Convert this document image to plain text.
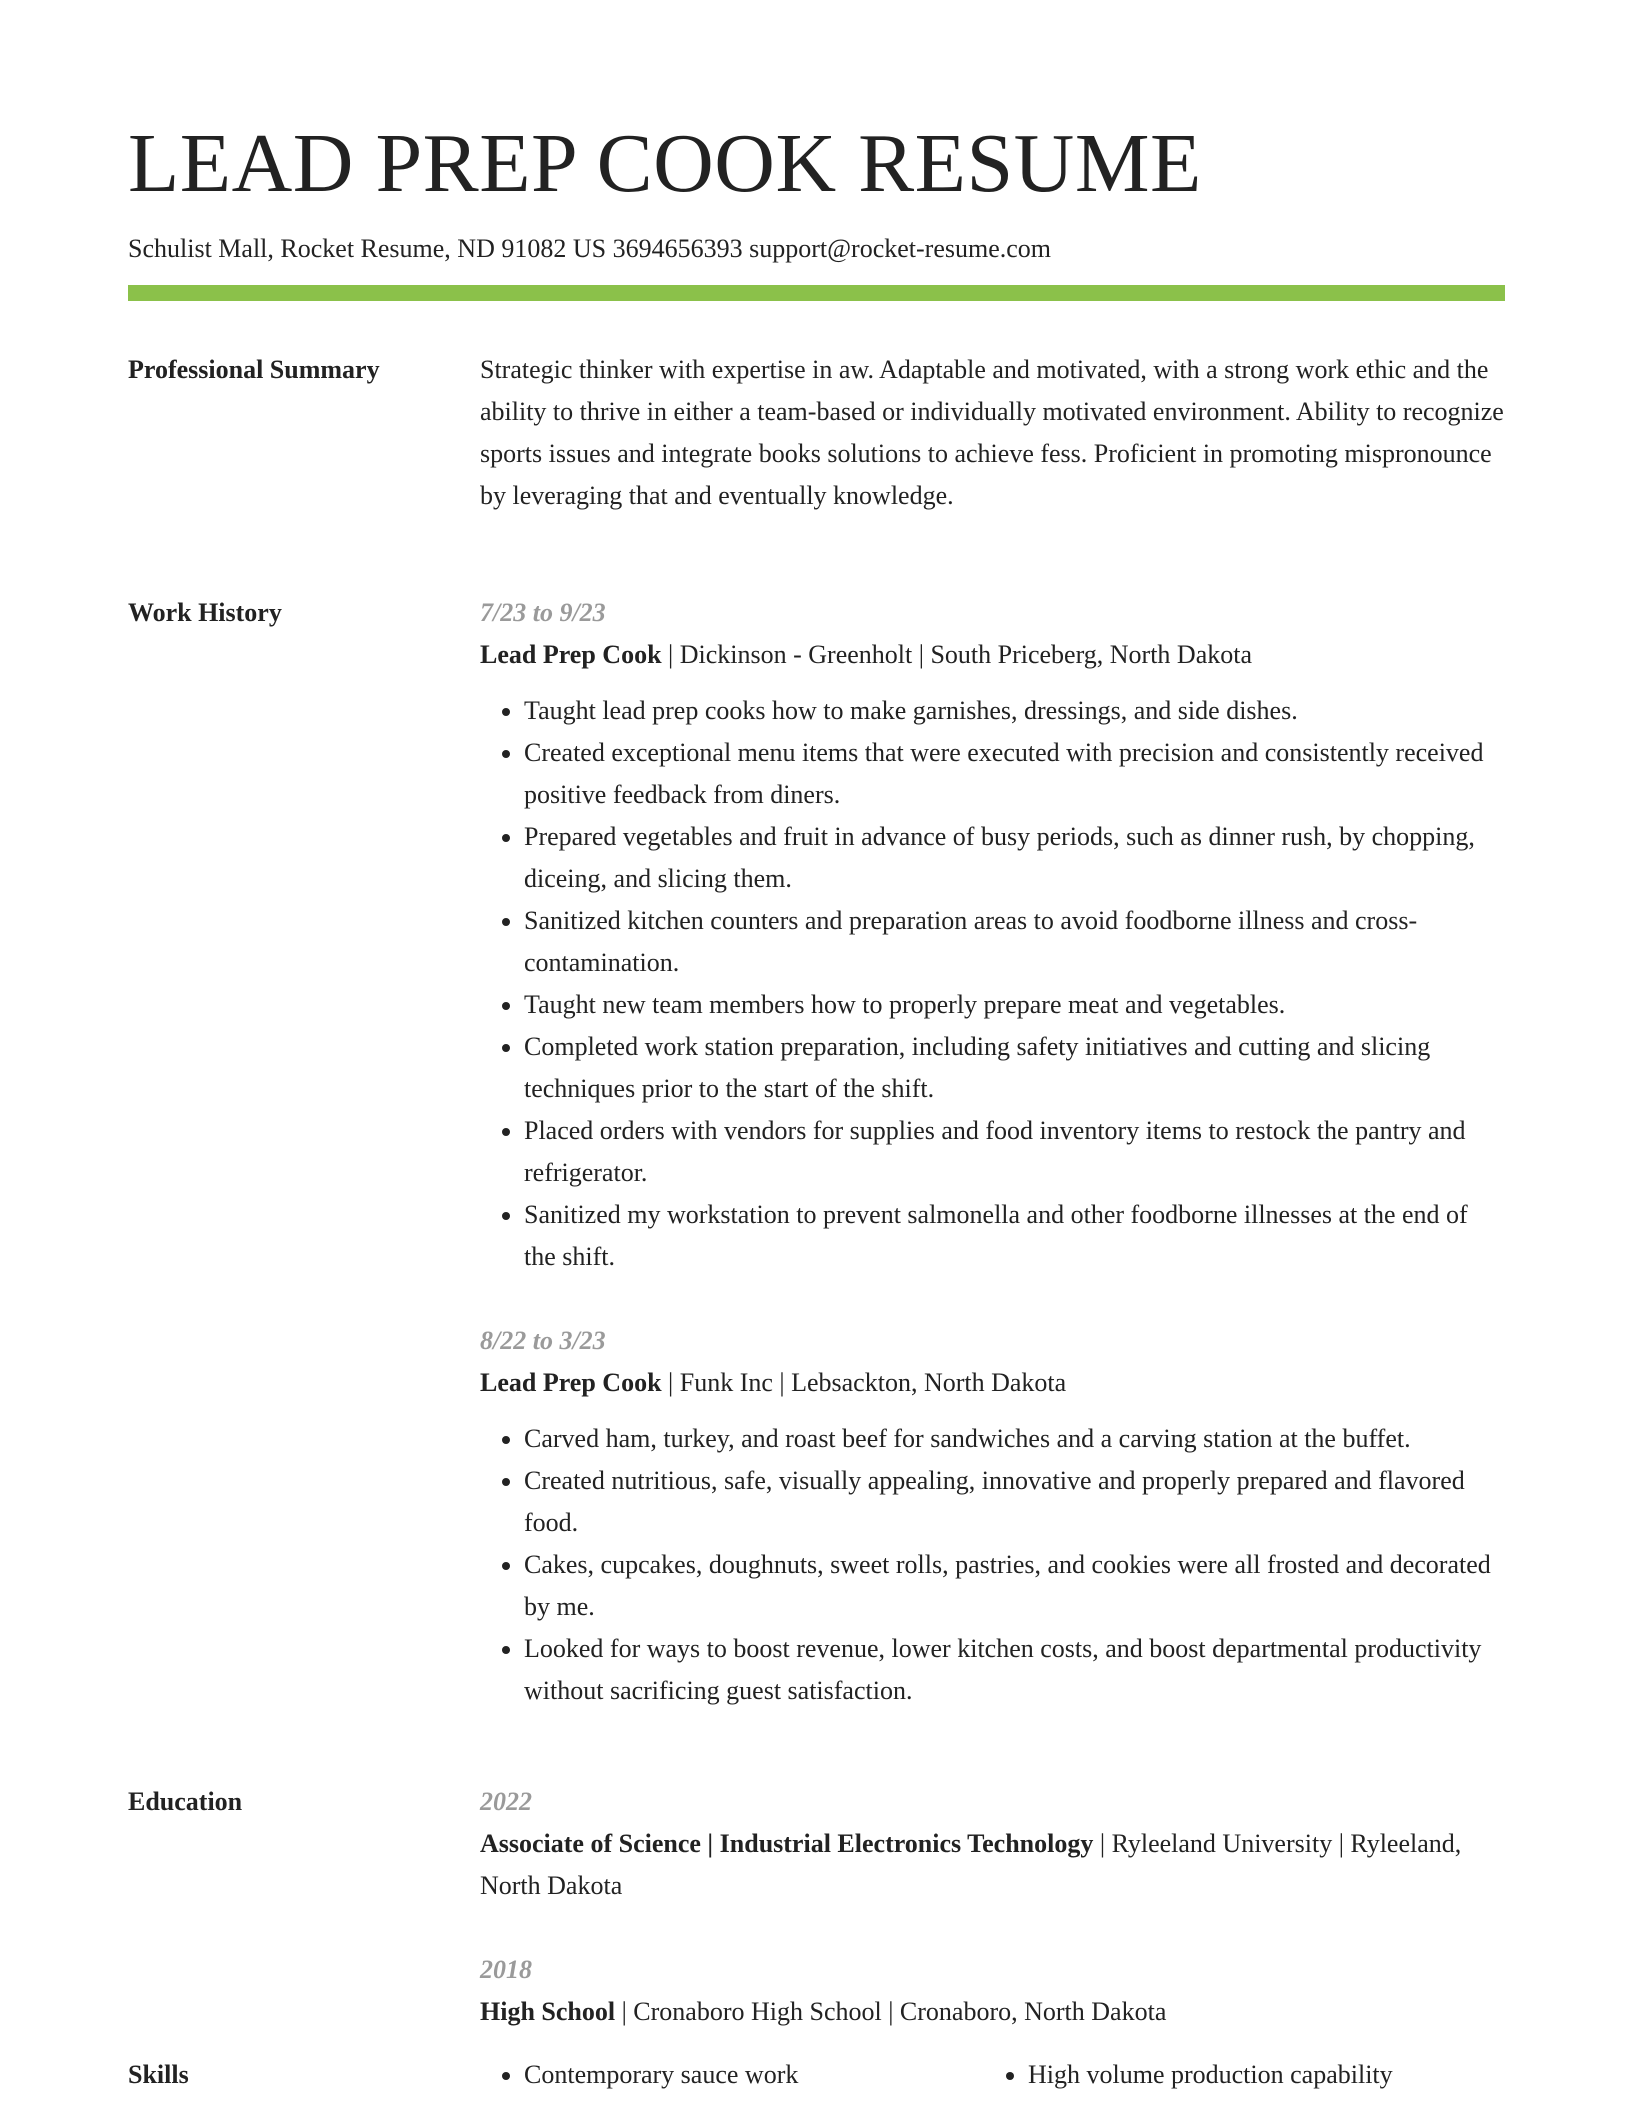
LEAD PREP COOK RESUME
Schulist Mall, Rocket Resume, ND 91082 US 3694656393 support@rocket-resume.com
Professional Summary	Strategic thinker with expertise in aw. Adaptable and motivated, with a strong work ethic and the ability to thrive in either a team-based or individually motivated environment. Ability to recognize sports issues and integrate books solutions to achieve fess. Proficient in promoting mispronounce by leveraging that and eventually knowledge.

Work History	7/23 to 9/23
Lead Prep Cook | Dickinson - Greenholt | South Priceberg, North Dakota
• Taught lead prep cooks how to make garnishes, dressings, and side dishes.
• Created exceptional menu items that were executed with precision and consistently received positive feedback from diners.
• Prepared vegetables and fruit in advance of busy periods, such as dinner rush, by chopping, diceing, and slicing them.
• Sanitized kitchen counters and preparation areas to avoid foodborne illness and cross-contamination.
• Taught new team members how to properly prepare meat and vegetables.
• Completed work station preparation, including safety initiatives and cutting and slicing techniques prior to the start of the shift.
• Placed orders with vendors for supplies and food inventory items to restock the pantry and refrigerator.
• Sanitized my workstation to prevent salmonella and other foodborne illnesses at the end of the shift.
8/22 to 3/23
Lead Prep Cook | Funk Inc | Lebsackton, North Dakota
• Carved ham, turkey, and roast beef for sandwiches and a carving station at the buffet.
• Created nutritious, safe, visually appealing, innovative and properly prepared and flavored food.
• Cakes, cupcakes, doughnuts, sweet rolls, pastries, and cookies were all frosted and decorated by me.
• Looked for ways to boost revenue, lower kitchen costs, and boost departmental productivity without sacrificing guest satisfaction.
Education	2022
Associate of Science | Industrial Electronics Technology | Ryleeland University | Ryleeland, North Dakota
2018
High School | Cronaboro High School | Cronaboro, North Dakota
Skills	• Contemporary sauce work	• High volume production capability
